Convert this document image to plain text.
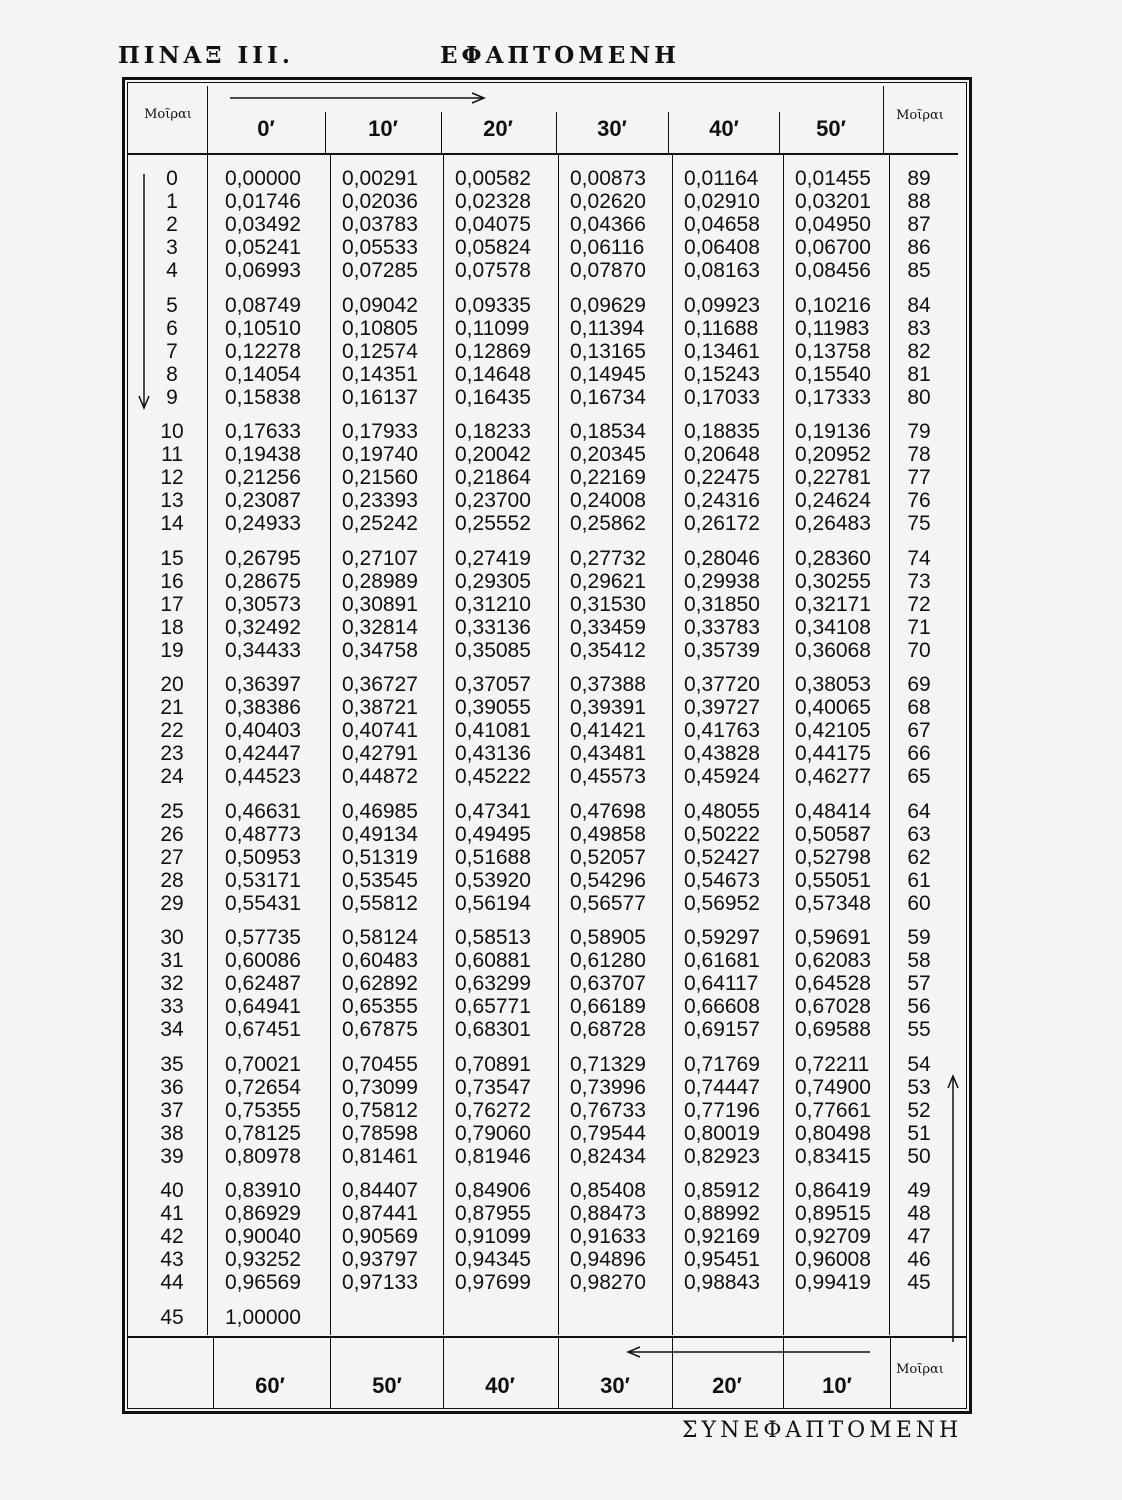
ΠΙΝΑΞ III.	ΕΦΑΠΤΟΜΕΝΗ
Μοῖραι	Μοῖραι
Μοῖραι
0′	10′	20′	30′	40′	50′
60′	50′	40′	30′	20′	10′
0	0,00000 0,00291 0,00582 0,00873 0,01164 0,01455	89
1	0,01746 0,02036 0,02328 0,02620 0,02910 0,03201	88
2	0,03492 0,03783 0,04075 0,04366 0,04658 0,04950	87
3	0,05241 0,05533 0,05824 0,06116 0,06408 0,06700	86
4	0,06993 0,07285 0,07578 0,07870 0,08163 0,08456	85
5	0,08749 0,09042 0,09335 0,09629 0,09923 0,10216	84
6	0,10510 0,10805 0,11099 0,11394 0,11688 0,11983	83
7	0,12278 0,12574 0,12869 0,13165 0,13461 0,13758	82
8	0,14054 0,14351 0,14648 0,14945 0,15243 0,15540	81
9	0,15838 0,16137 0,16435 0,16734 0,17033 0,17333	80
10	0,17633 0,17933 0,18233 0,18534 0,18835 0,19136	79
11	0,19438 0,19740 0,20042 0,20345 0,20648 0,20952	78
12	0,21256 0,21560 0,21864 0,22169 0,22475 0,22781	77
13	0,23087 0,23393 0,23700 0,24008 0,24316 0,24624	76
14	0,24933 0,25242 0,25552 0,25862 0,26172 0,26483	75
15	0,26795 0,27107 0,27419 0,27732 0,28046 0,28360	74
16	0,28675 0,28989 0,29305 0,29621 0,29938 0,30255	73
17	0,30573 0,30891 0,31210 0,31530 0,31850 0,32171	72
18	0,32492 0,32814 0,33136 0,33459 0,33783 0,34108	71
19	0,34433 0,34758 0,35085 0,35412 0,35739 0,36068	70
20	0,36397 0,36727 0,37057 0,37388 0,37720 0,38053	69
21	0,38386 0,38721 0,39055 0,39391 0,39727 0,40065	68
22	0,40403 0,40741 0,41081 0,41421 0,41763 0,42105	67
23	0,42447 0,42791 0,43136 0,43481 0,43828 0,44175	66
24	0,44523 0,44872 0,45222 0,45573 0,45924 0,46277	65
25	0,46631 0,46985 0,47341 0,47698 0,48055 0,48414	64
26	0,48773 0,49134 0,49495 0,49858 0,50222 0,50587	63
27	0,50953 0,51319 0,51688 0,52057 0,52427 0,52798	62
28	0,53171 0,53545 0,53920 0,54296 0,54673 0,55051	61
29	0,55431 0,55812 0,56194 0,56577 0,56952 0,57348	60
30	0,57735 0,58124 0,58513 0,58905 0,59297 0,59691	59
31	0,60086 0,60483 0,60881 0,61280 0,61681 0,62083	58
32	0,62487 0,62892 0,63299 0,63707 0,64117 0,64528	57
33	0,64941 0,65355 0,65771 0,66189 0,66608 0,67028	56
34	0,67451 0,67875 0,68301 0,68728 0,69157 0,69588	55
35	0,70021 0,70455 0,70891 0,71329 0,71769 0,72211	54
36	0,72654 0,73099 0,73547 0,73996 0,74447 0,74900	53
37	0,75355 0,75812 0,76272 0,76733 0,77196 0,77661	52
38	0,78125 0,78598 0,79060 0,79544 0,80019 0,80498	51
39	0,80978 0,81461 0,81946 0,82434 0,82923 0,83415	50
40	0,83910 0,84407 0,84906 0,85408 0,85912 0,86419	49
41	0,86929 0,87441 0,87955 0,88473 0,88992 0,89515	48
42	0,90040 0,90569 0,91099 0,91633 0,92169 0,92709	47
43	0,93252 0,93797 0,94345 0,94896 0,95451 0,96008	46
44	0,96569 0,97133 0,97699 0,98270 0,98843 0,99419	45
45	1,00000
ΣΥΝΕΦΑΠΤΟΜΕΝΗ
